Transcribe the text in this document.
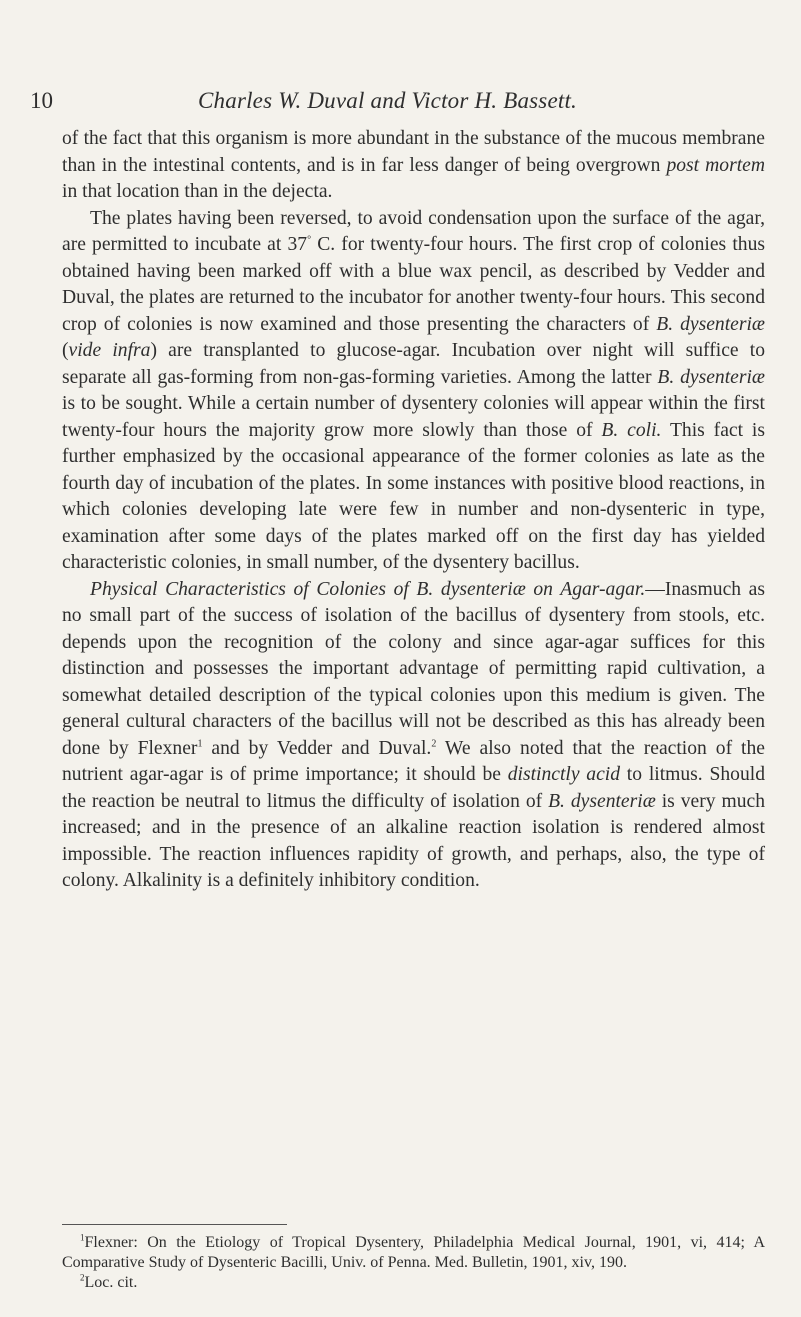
10	Charles W. Duval and Victor H. Bassett.

of the fact that this organism is more abundant in the substance of the mucous membrane than in the intestinal contents, and is in far less danger of being overgrown post mortem in that location than in the dejecta.

The plates having been reversed, to avoid condensation upon the surface of the agar, are permitted to incubate at 37° C. for twenty-four hours. The first crop of colonies thus obtained having been marked off with a blue wax pencil, as described by Vedder and Duval, the plates are returned to the incubator for another twenty-four hours. This second crop of colonies is now examined and those presenting the characters of B. dysenteriæ (vide infra) are transplanted to glucose-agar. Incubation over night will suffice to separate all gas-forming from non-gas-forming varieties. Among the latter B. dysenteriæ is to be sought. While a certain number of dysentery colonies will appear within the first twenty-four hours the majority grow more slowly than those of B. coli. This fact is further emphasized by the occasional appearance of the former colonies as late as the fourth day of incubation of the plates. In some instances with positive blood reactions, in which colonies developing late were few in number and non-dysenteric in type, examination after some days of the plates marked off on the first day has yielded characteristic colonies, in small number, of the dysentery bacillus.

Physical Characteristics of Colonies of B. dysenteriæ on Agar-agar.—Inasmuch as no small part of the success of isolation of the bacillus of dysentery from stools, etc. depends upon the recognition of the colony and since agar-agar suffices for this distinction and possesses the important advantage of permitting rapid cultivation, a somewhat detailed description of the typical colonies upon this medium is given. The general cultural characters of the bacillus will not be described as this has already been done by Flexner$^1$ and by Vedder and Duval.$^2$ We also noted that the reaction of the nutrient agar-agar is of prime importance; it should be distinctly acid to litmus. Should the reaction be neutral to litmus the difficulty of isolation of B. dysenteriæ is very much increased; and in the presence of an alkaline reaction isolation is rendered almost impossible. The reaction influences rapidity of growth, and perhaps, also, the type of colony. Alkalinity is a definitely inhibitory condition.

$^1$Flexner: On the Etiology of Tropical Dysentery, Philadelphia Medical Journal, 1901, vi, 414; A Comparative Study of Dysenteric Bacilli, Univ. of Penna. Med. Bulletin, 1901, xiv, 190.

$^2$Loc. cit.
